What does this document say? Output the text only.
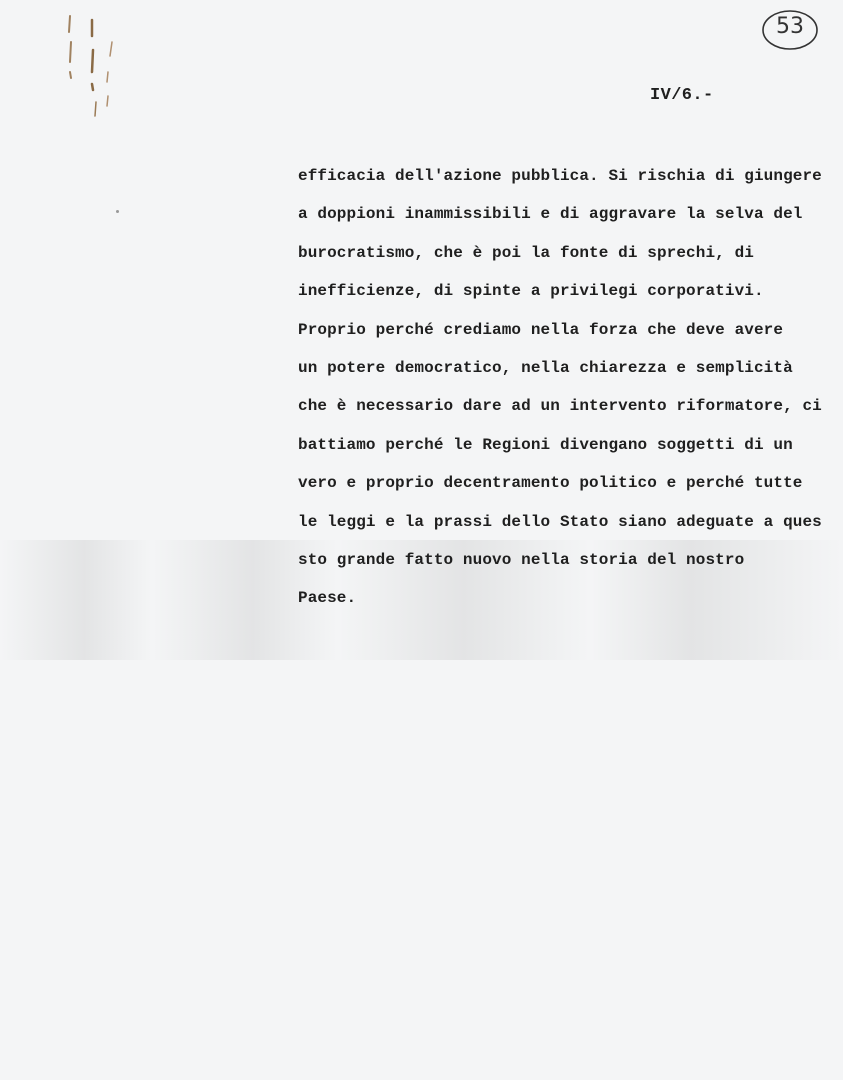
53
IV/6.-
efficacia dell'azione pubblica. Si rischia di giungere
a doppioni inammissibili e di aggravare la selva del
burocratismo, che è poi la fonte di sprechi, di
inefficienze, di spinte a privilegi corporativi.
Proprio perché crediamo nella forza che deve avere
un potere democratico, nella chiarezza e semplicità
che è necessario dare ad un intervento riformatore, ci
battiamo perché le Regioni divengano soggetti di un
vero e proprio decentramento politico e perché tutte
le leggi e la prassi dello Stato siano adeguate a ques
sto grande fatto nuovo nella storia del nostro
Paese.
